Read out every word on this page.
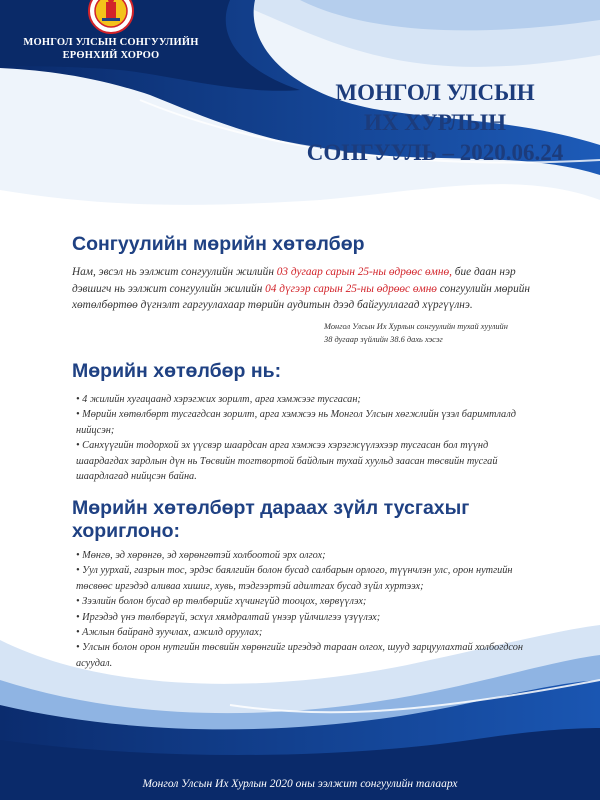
МОНГОЛ УЛСЫН СОНГУУЛИЙН
ЕРӨНХИЙ ХОРОО
МОНГОЛ УЛСЫН
ИХ ХУРЛЫН
СОНГУУЛЬ – 2020.06.24
Сонгуулийн мөрийн хөтөлбөр
Нам, эвсэл нь ээлжит сонгуулийн жилийн 03 дугаар сарын 25-ны өдрөөс өмнө, бие даан нэр дэвшигч нь ээлжит сонгуулийн жилийн 04 дүгээр сарын 25-ны өдрөөс өмнө сонгуулийн мөрийн хөтөлбөртөө дүгнэлт гаргуулахаар төрийн аудитын дээд байгууллагад хүргүүлнэ.
Монгол Улсын Их Хурлын сонгуулийн тухай хуулийн
38 дугаар зүйлийн 38.6 дахь хэсэг
Мөрийн хөтөлбөр нь:
• 4 жилийн хугацаанд хэрэгжих зорилт, арга хэмжээг тусгасан;
• Мөрийн хөтөлбөрт тусгагдсан зорилт, арга хэмжээ нь Монгол Улсын хөгжлийн үзэл баримтлалд нийцсэн;
• Санхүүгийн тодорхой эх үүсвэр шаардсан арга хэмжээ хэрэгжүүлэхээр тусгасан бол түүнд шаардагдах зардлын дүн нь Төсвийн тогтвортой байдлын тухай хуульд заасан төсвийн тусгай шаардлагад нийцсэн байна.
Мөрийн хөтөлбөрт дараах зүйл тусгахыг
хориглоно:
• Мөнгө, эд хөрөнгө, эд хөрөнгөтэй холбоотой эрх олгох;
• Уул уурхай, газрын тос, эрдэс баялгийн болон бусад салбарын орлого, түүнчлэн улс, орон нутгийн төсвөөс иргэдэд аливаа хишиг, хувь, тэдгээртэй адилтгах бусад зүйл хуртээх;
• Зээлийн болон бусад өр төлбөрийг хүчингүйд тооцох, хөрвүүлэх;
• Иргэдэд үнэ төлбөргүй, эсхүл хямдралтай үнээр үйлчилгээ үзүүлэх;
• Ажлын байранд зуучлах, ажилд оруулах;
• Улсын болон орон нутгийн төсвийн хөрөнгийг иргэдэд тараан олгох, шууд зарцуулахтай холбогдсон асуудал.
Монгол Улсын Их Хурлын 2020 оны ээлжит сонгуулийн талаарх
